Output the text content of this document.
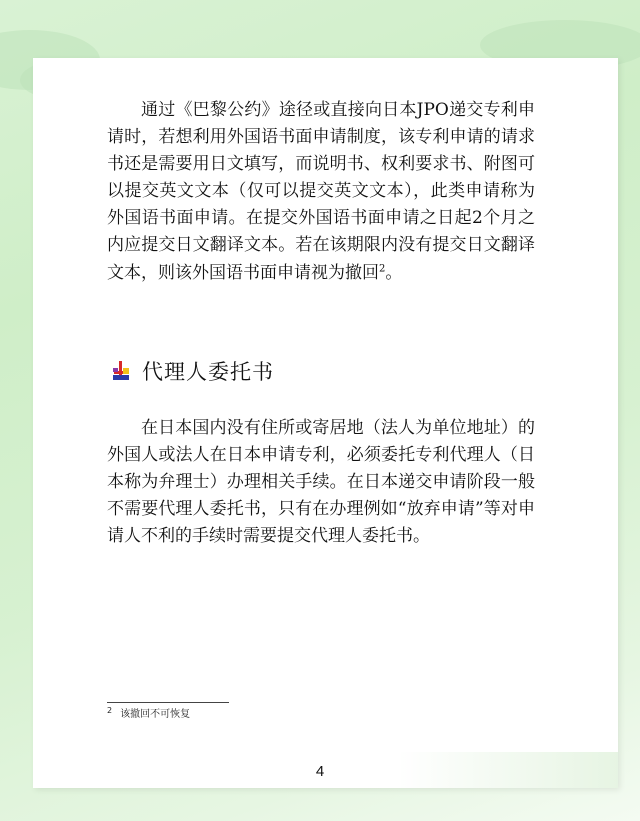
通过《巴黎公约》途径或直接向日本JPO递交专利申请时，若想利用外国语书面申请制度，该专利申请的请求书还是需要用日文填写，而说明书、权利要求书、附图可以提交英文文本（仅可以提交英文文本），此类申请称为外国语书面申请。在提交外国语书面申请之日起2个月之内应提交日文翻译文本。若在该期限内没有提交日文翻译文本，则该外国语书面申请视为撤回$^2$。

代理人委托书

在日本国内没有住所或寄居地（法人为单位地址）的外国人或法人在日本申请专利，必须委托专利代理人（日本称为弁理士）办理相关手续。在日本递交申请阶段一般不需要代理人委托书，只有在办理例如“放弃申请”等对申请人不利的手续时需要提交代理人委托书。

$^2$ 该撤回不可恢复
4
